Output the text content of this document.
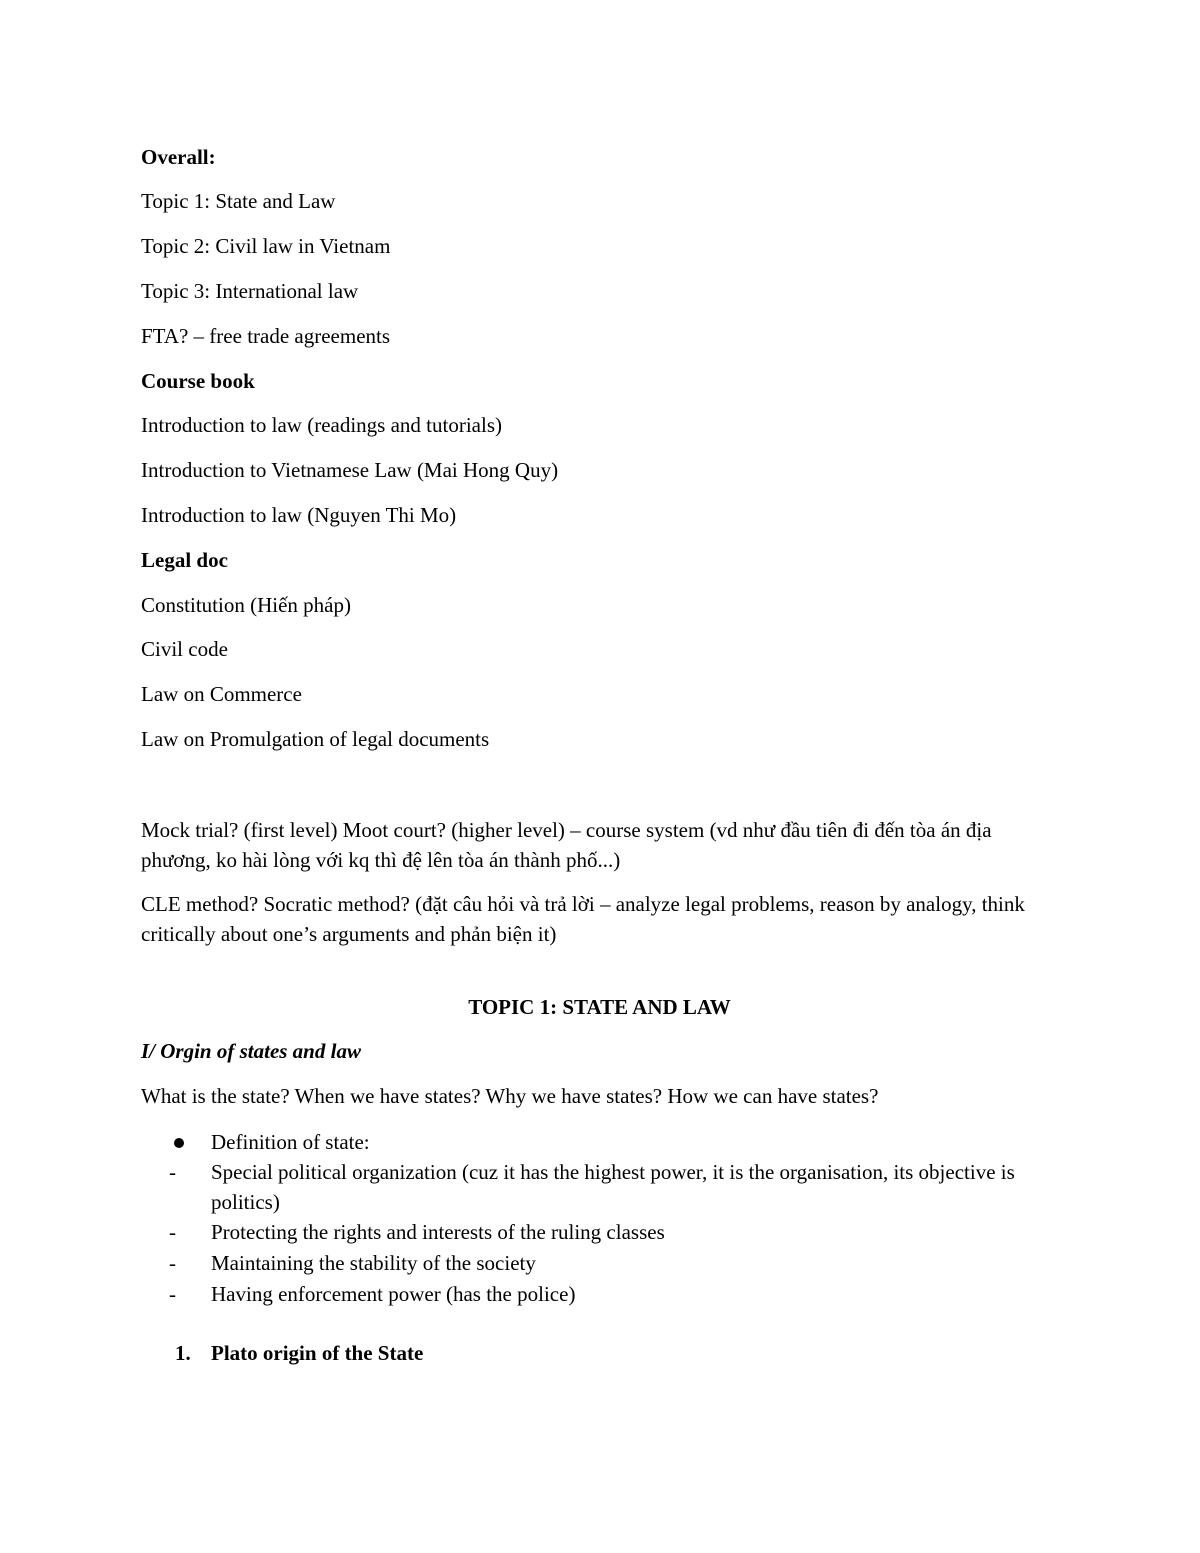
Overall:
Topic 1: State and Law
Topic 2: Civil law in Vietnam
Topic 3: International law
FTA? – free trade agreements
Course book
Introduction to law (readings and tutorials)
Introduction to Vietnamese Law (Mai Hong Quy)
Introduction to law (Nguyen Thi Mo)
Legal doc
Constitution (Hiến pháp)
Civil code
Law on Commerce
Law on Promulgation of legal documents
Mock trial? (first level) Moot court? (higher level) – course system (vd như đầu tiên đi đến tòa án địa phương, ko hài lòng với kq thì đệ lên tòa án thành phố...)
CLE method? Socratic method? (đặt câu hỏi và trả lời – analyze legal problems, reason by analogy, think critically about one’s arguments and phản biện it)
TOPIC 1: STATE AND LAW
I/ Orgin of states and law
What is the state? When we have states? Why we have states? How we can have states?
Definition of state:
- Special political organization (cuz it has the highest power, it is the organisation, its objective is politics)
- Protecting the rights and interests of the ruling classes
- Maintaining the stability of the society
- Having enforcement power (has the police)
1. Plato origin of the State
